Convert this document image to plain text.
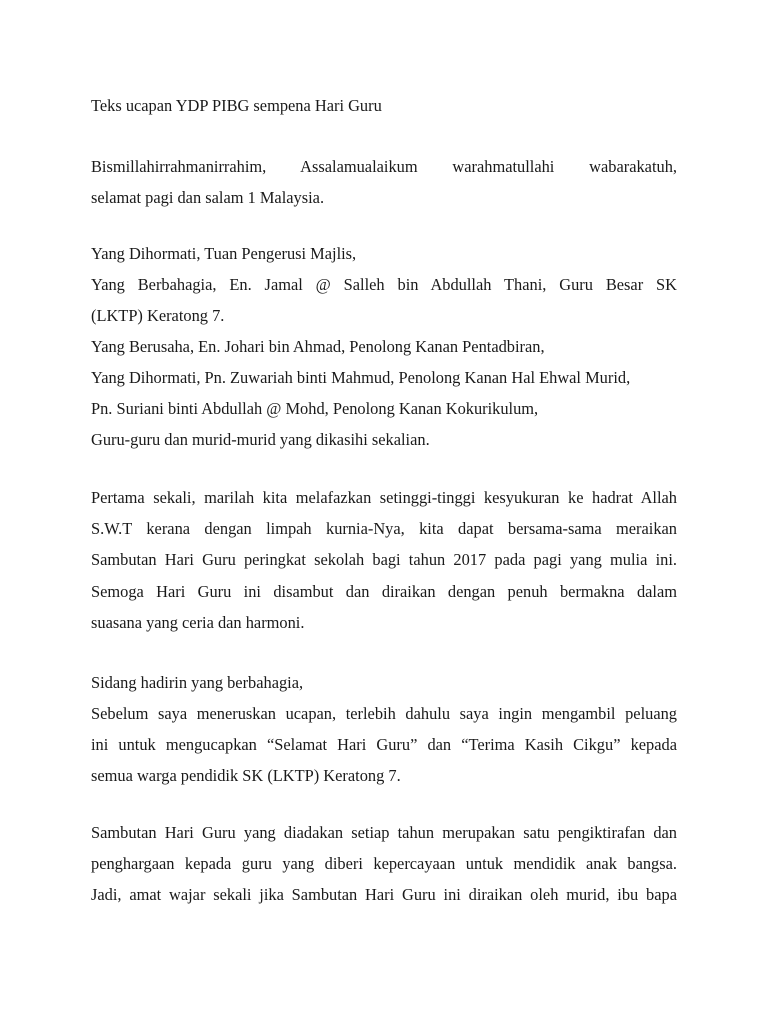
Teks ucapan YDP PIBG sempena Hari Guru
Bismillahirrahmanirrahim, Assalamualaikum warahmatullahi wabarakatuh,
selamat pagi dan salam 1 Malaysia.
Yang Dihormati, Tuan Pengerusi Majlis,
Yang Berbahagia, En. Jamal @ Salleh bin Abdullah Thani, Guru Besar SK
(LKTP) Keratong 7.
Yang Berusaha, En. Johari bin Ahmad, Penolong Kanan Pentadbiran,
Yang Dihormati, Pn. Zuwariah binti Mahmud, Penolong Kanan Hal Ehwal Murid,
Pn. Suriani binti Abdullah @ Mohd, Penolong Kanan Kokurikulum,
Guru-guru dan murid-murid yang dikasihi sekalian.
Pertama sekali, marilah kita melafazkan setinggi-tinggi kesyukuran ke hadrat Allah
S.W.T kerana dengan limpah kurnia-Nya, kita dapat bersama-sama meraikan
Sambutan Hari Guru peringkat sekolah bagi tahun 2017 pada pagi yang mulia ini.
Semoga Hari Guru ini disambut dan diraikan dengan penuh bermakna dalam
suasana yang ceria dan harmoni.
Sidang hadirin yang berbahagia,
Sebelum saya meneruskan ucapan, terlebih dahulu saya ingin mengambil peluang
ini untuk mengucapkan “Selamat Hari Guru” dan “Terima Kasih Cikgu” kepada
semua warga pendidik SK (LKTP) Keratong 7.
Sambutan Hari Guru yang diadakan setiap tahun merupakan satu pengiktirafan dan
penghargaan kepada guru yang diberi kepercayaan untuk mendidik anak bangsa.
Jadi, amat wajar sekali jika Sambutan Hari Guru ini diraikan oleh murid, ibu bapa
